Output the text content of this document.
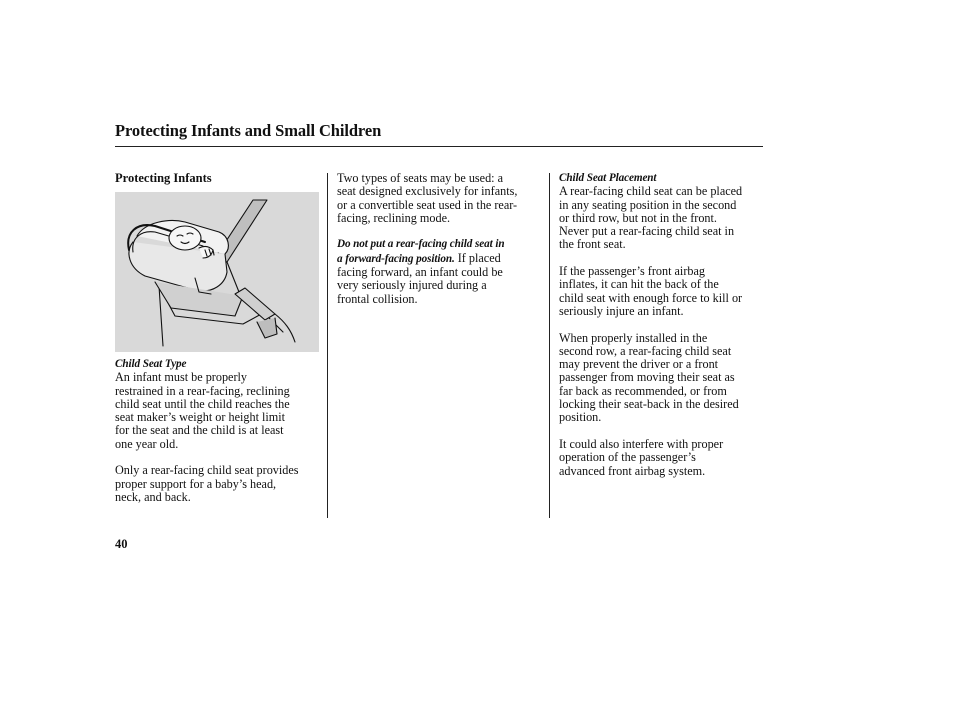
Protecting Infants and Small Children
Protecting Infants

Child Seat Type

An infant must be properly

restrained in a rear-facing, reclining

child seat until the child reaches the

seat maker’s weight or height limit

for the seat and the child is at least

one year old.

Only a rear-facing child seat provides

proper support for a baby’s head,

neck, and back.

Two types of seats may be used: a

seat designed exclusively for infants,

or a convertible seat used in the rear-

facing, reclining mode.

Do not put a rear-facing child seat in

a forward-facing position. If placed

facing forward, an infant could be

very seriously injured during a

frontal collision.

Child Seat Placement

A rear-facing child seat can be placed

in any seating position in the second

or third row, but not in the front.

Never put a rear-facing child seat in

the front seat.

If the passenger’s front airbag

inflates, it can hit the back of the

child seat with enough force to kill or

seriously injure an infant.

When properly installed in the

second row, a rear-facing child seat

may prevent the driver or a front

passenger from moving their seat as

far back as recommended, or from

locking their seat-back in the desired

position.

It could also interfere with proper

operation of the passenger’s

advanced front airbag system.

40
